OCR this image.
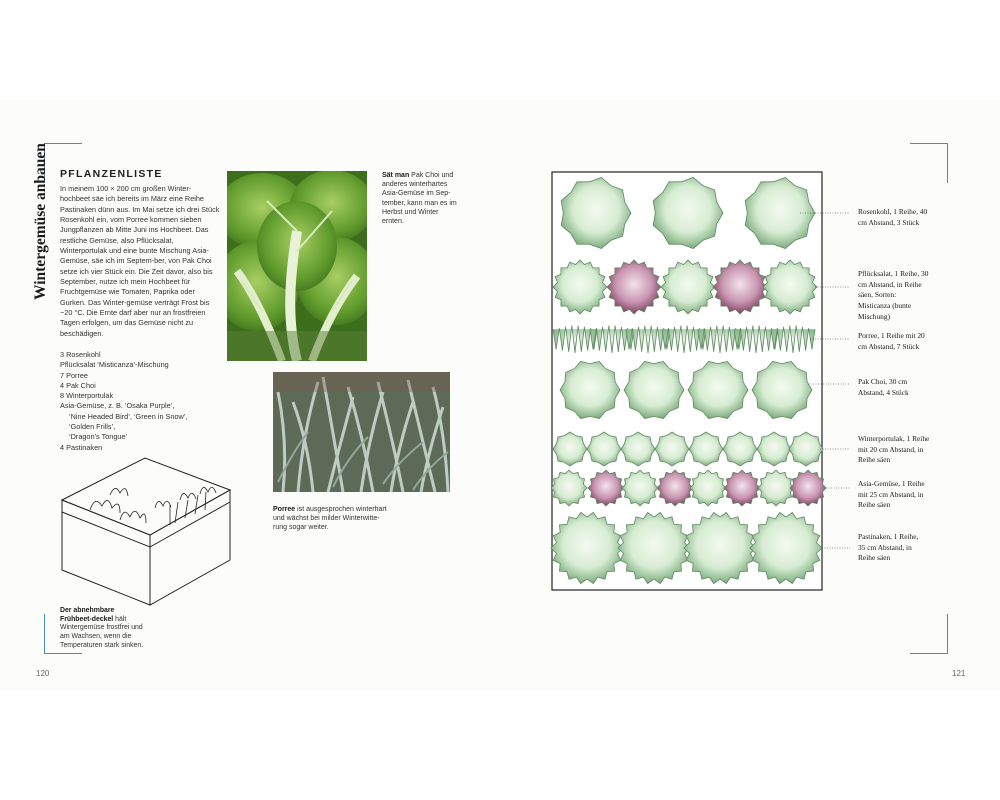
Wintergemüse anbauen PFLANZENLISTE

In meinem 100 × 200 cm großen Winter-hochbeet säe ich bereits im März eine Reihe Pastinaken dünn aus. Im Mai setze ich drei Stück Rosenkohl ein, vom Porree kommen sieben Jungpflanzen ab Mitte Juni ins Hochbeet. Das restliche Gemüse, also Pflücksalat, Winterportulak und eine bunte Mischung Asia-Gemüse, säe ich im Septem-ber, von Pak Choi setze ich vier Stück ein. Die Zeit davor, also bis September, nutze ich mein Hochbeet für Fruchtgemüse wie Tomaten, Paprika oder Gurken. Das Winter-gemüse verträgt Frost bis −20 °C. Die Ernte darf aber nur an frostfreien Tagen erfolgen, um das Gemüse nicht zu beschädigen.

3 Rosenkohl
Pflücksalat ‘Misticanza’-Mischung
7 Porree
4 Pak Choi
8 Winterportulak
Asia-Gemüse, z. B. ‘Osaka Purple’,
‘Nine Headed Bird’, ‘Green in Snow’,
‘Golden Frills’,
‘Dragon’s Tongue’
4 Pastinaken
Sät man Pak Choi und anderes winterhartes Asia-Gemüse im Sep-tember, kann man es im Herbst und Winter ernten.
Porree ist ausgesprochen winterhart und wächst bei milder Winterwitte-rung sogar weiter.
Der abnehmbare Frühbeet-deckel hält Wintergemüse frostfrei und am Wachsen, wenn die Temperaturen stark sinken.
Rosenkohl, 1 Reihe, 40 cm Abstand, 3 Stück
Pflücksalat, 1 Reihe, 30 cm Abstand, in Reihe säen, Sorten: Misticanza (bunte Mischung)
Porree, 1 Reihe mit 20 cm Abstand, 7 Stück
Pak Choi, 30 cm Abstand, 4 Stück
Winterportulak, 1 Reihe mit 20 cm Abstand, in Reihe säen
Asia-Gemüse, 1 Reihe mit 25 cm Abstand, in Reihe säen
Pastinaken, 1 Reihe, 35 cm Abstand, in Reihe säen
120	121
